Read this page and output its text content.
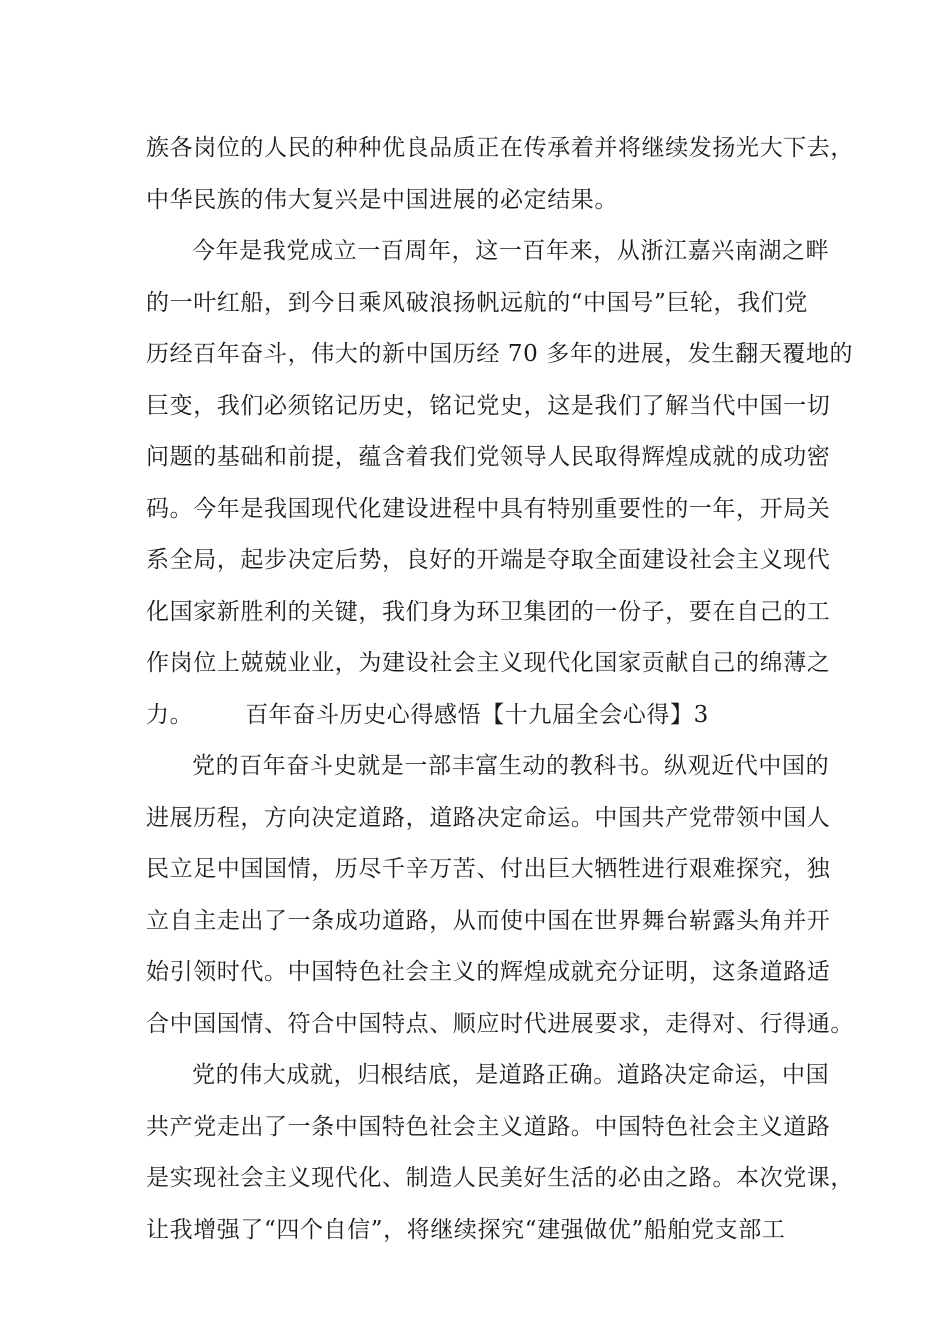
族各岗位的人民的种种优良品质正在传承着并将继续发扬光大下去，
中华民族的伟大复兴是中国进展的必定结果。
今年是我党成立一百周年，这一百年来，从浙江嘉兴南湖之畔
的一叶红船，到今日乘风破浪扬帆远航的“中国号”巨轮，我们党
历经百年奋斗，伟大的新中国历经 70 多年的进展，发生翻天覆地的
巨变，我们必须铭记历史，铭记党史，这是我们了解当代中国一切
问题的基础和前提，蕴含着我们党领导人民取得辉煌成就的成功密
码。今年是我国现代化建设进程中具有特别重要性的一年，开局关
系全局，起步决定后势，良好的开端是夺取全面建设社会主义现代
化国家新胜利的关键，我们身为环卫集团的一份子，要在自己的工
作岗位上兢兢业业，为建设社会主义现代化国家贡献自己的绵薄之
力。 百年奋斗历史心得感悟【十九届全会心得】3
党的百年奋斗史就是一部丰富生动的教科书。纵观近代中国的
进展历程，方向决定道路，道路决定命运。中国共产党带领中国人
民立足中国国情，历尽千辛万苦、付出巨大牺牲进行艰难探究，独
立自主走出了一条成功道路，从而使中国在世界舞台崭露头角并开
始引领时代。中国特色社会主义的辉煌成就充分证明，这条道路适
合中国国情、符合中国特点、顺应时代进展要求，走得对、行得通。
党的伟大成就，归根结底，是道路正确。道路决定命运，中国
共产党走出了一条中国特色社会主义道路。中国特色社会主义道路
是实现社会主义现代化、制造人民美好生活的必由之路。本次党课，
让我增强了“四个自信”，将继续探究“建强做优”船舶党支部工
